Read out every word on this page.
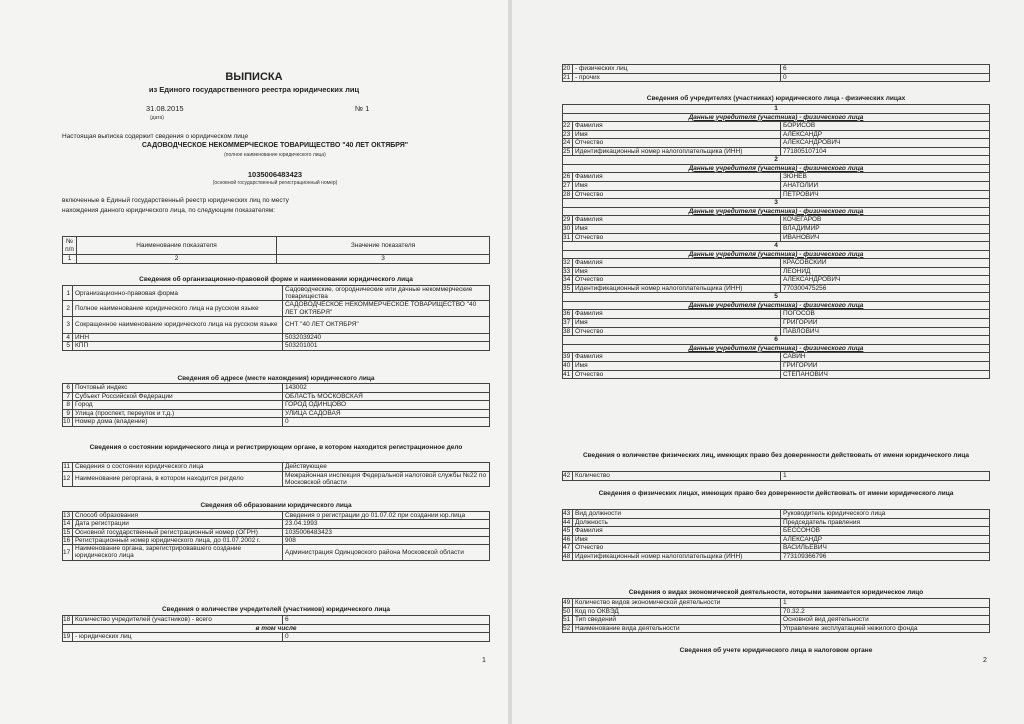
ВЫПИСКА
из Единого государственного реестра юридических лиц
31.08.2015
(дата)
№ 1
Настоящая выписка содержит сведения о юридическом лице
САДОВОДЧЕСКОЕ НЕКОММЕРЧЕСКОЕ ТОВАРИЩЕСТВО "40 ЛЕТ ОКТЯБРЯ"
(полное наименование юридического лица)
1035006483423
(основной государственный регистрационный номер)
включенные в Единый государственный реестр юридических лиц по месту
нахождения данного юридического лица, по следующим показателям:
№ п/п	Наименование показателя	Значение показателя
1	2	3
Сведения об организационно-правовой форме и наименовании юридического лица
1	Организационно-правовая форма	Садоводческие, огороднические или дачные некоммерческие товарищества
2	Полное наименование юридического лица на русском языке	САДОВОДЧЕСКОЕ НЕКОММЕРЧЕСКОЕ ТОВАРИЩЕСТВО "40 ЛЕТ ОКТЯБРЯ"
3	Сокращенное наименование юридического лица на русском языке	СНТ "40 ЛЕТ ОКТЯБРЯ"
4	ИНН	5032039240
5	КПП	503201001
Сведения об адресе (месте нахождения) юридического лица
6	Почтовый индекс	143002
7	Субъект Российской Федерации	ОБЛАСТЬ МОСКОВСКАЯ
8	Город	ГОРОД ОДИНЦОВО
9	Улица (проспект, переулок и т.д.)	УЛИЦА САДОВАЯ
10	Номер дома (владение)	0
Сведения о состоянии юридического лица и регистрирующем органе, в котором находится регистрационное дело
11	Сведения о состоянии юридического лица	Действующее
12	Наименование регоргана, в котором находится регдело	Межрайонная инспекция Федеральной налоговой службы №22 по Московской области
Сведения об образовании юридического лица
13	Способ образования	Сведения о регистрации до 01.07.02 при создании юр.лица
14	Дата регистрации	23.04.1993
15	Основной государственный регистрационный номер (ОГРН)	1035006483423
16	Регистрационный номер юридического лица, до 01.07.2002 г.	908
17	Наименование органа, зарегистрировавшего создание юридического лица	Администрация Одинцовского района Московской области
Сведения о количестве учредителей (участников) юридического лица
18	Количество учредителей (участников) - всего	6
в том числе		
19	- юридических лиц	0
1
20	- физических лиц	6
21	- прочих	0
Сведения об учредителях (участниках) юридического лица - физических лицах
1		
Данные учредителя (участника) - физического лица		
22	Фамилия	БОРИСОВ
23	Имя	АЛЕКСАНДР
24	Отчество	АЛЕКСАНДРОВИЧ
25	Идентификационный номер налогоплательщика (ИНН)	771805107104
2		
Данные учредителя (участника) - физического лица		
26	Фамилия	ЗЮНЕВ
27	Имя	АНАТОЛИЙ
28	Отчество	ПЕТРОВИЧ
3		
Данные учредителя (участника) - физического лица		
29	Фамилия	КОЧЕГАРОВ
30	Имя	ВЛАДИМИР
31	Отчество	ИВАНОВИЧ
4		
Данные учредителя (участника) - физического лица		
32	Фамилия	КРАСОВСКИЙ
33	Имя	ЛЕОНИД
34	Отчество	АЛЕКСАНДРОВИЧ
35	Идентификационный номер налогоплательщика (ИНН)	770300475256
5		
Данные учредителя (участника) - физического лица		
36	Фамилия	ПОГОСОВ
37	Имя	ГРИГОРИЙ
38	Отчество	ПАВЛОВИЧ
6		
Данные учредителя (участника) - физического лица		
39	Фамилия	САВИН
40	Имя	ГРИГОРИЙ
41	Отчество	СТЕПАНОВИЧ
Сведения о количестве физических лиц, имеющих право без доверенности действовать от имени юридического лица
42	Количество	1
Сведения о физических лицах, имеющих право без доверенности действовать от имени юридического лица
43	Вид должности	Руководитель юридического лица
44	Должность	Председатель правления
45	Фамилия	БЕССОНОВ
46	Имя	АЛЕКСАНДР
47	Отчество	ВАСИЛЬЕВИЧ
48	Идентификационный номер налогоплательщика (ИНН)	773109366796
Сведения о видах экономической деятельности, которыми занимается юридическое лицо
49	Количество видов экономической деятельности	1
50	Код по ОКВЭД	70.32.2
51	Тип сведений	Основной вид деятельности
52	Наименование вида деятельности	Управление эксплуатацией нежилого фонда
Сведения об учете юридического лица в налоговом органе
2
